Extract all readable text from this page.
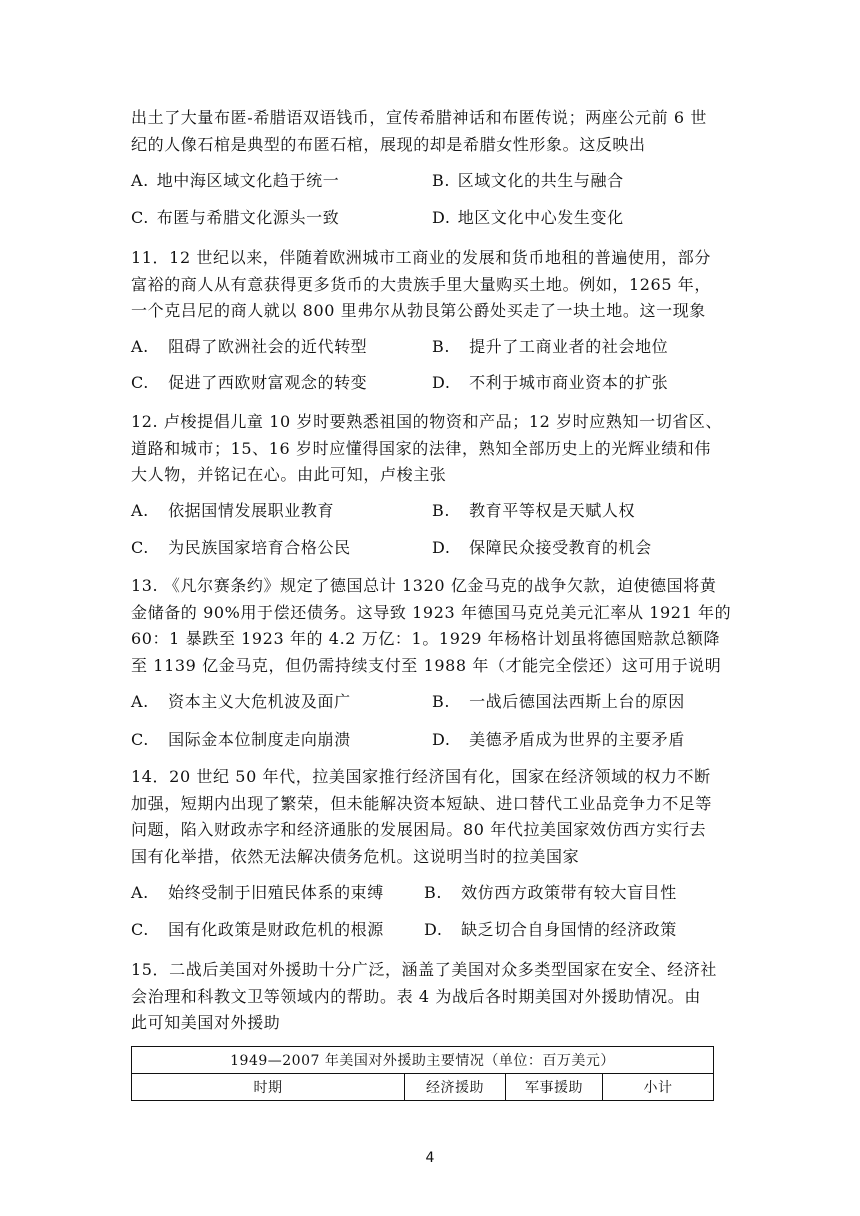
出土了大量布匿-希腊语双语钱币，宣传希腊神话和布匿传说；两座公元前 6 世
纪的人像石棺是典型的布匿石棺，展现的却是希腊女性形象。这反映出
A. 地中海区域文化趋于统一	B. 区域文化的共生与融合
C. 布匿与希腊文化源头一致	D. 地区文化中心发生变化
11．12 世纪以来，伴随着欧洲城市工商业的发展和货币地租的普遍使用，部分
富裕的商人从有意获得更多货币的大贵族手里大量购买土地。例如，1265 年，
一个克吕尼的商人就以 800 里弗尔从勃艮第公爵处买走了一块土地。这一现象
A. 阻碍了欧洲社会的近代转型	B. 提升了工商业者的社会地位
C. 促进了西欧财富观念的转变	D. 不利于城市商业资本的扩张
12. 卢梭提倡儿童 10 岁时要熟悉祖国的物资和产品；12 岁时应熟知一切省区、
道路和城市；15、16 岁时应懂得国家的法律，熟知全部历史上的光辉业绩和伟
大人物，并铭记在心。由此可知，卢梭主张
A. 依据国情发展职业教育	B. 教育平等权是天赋人权
C. 为民族国家培育合格公民	D. 保障民众接受教育的机会
13. 《凡尔赛条约》规定了德国总计 1320 亿金马克的战争欠款，迫使德国将黄
金储备的 90%用于偿还债务。这导致 1923 年德国马克兑美元汇率从 1921 年的
60：1 暴跌至 1923 年的 4.2 万亿：1。1929 年杨格计划虽将德国赔款总额降
至 1139 亿金马克，但仍需持续支付至 1988 年（才能完全偿还）这可用于说明
A. 资本主义大危机波及面广	B. 一战后德国法西斯上台的原因
C. 国际金本位制度走向崩溃	D. 美德矛盾成为世界的主要矛盾
14．20 世纪 50 年代，拉美国家推行经济国有化，国家在经济领域的权力不断
加强，短期内出现了繁荣，但未能解决资本短缺、进口替代工业品竞争力不足等
问题，陷入财政赤字和经济通胀的发展困局。80 年代拉美国家效仿西方实行去
国有化举措，依然无法解决债务危机。这说明当时的拉美国家
A. 始终受制于旧殖民体系的束缚	B. 效仿西方政策带有较大盲目性
C. 国有化政策是财政危机的根源	D. 缺乏切合自身国情的经济政策
15．二战后美国对外援助十分广泛，涵盖了美国对众多类型国家在安全、经济社
会治理和科教文卫等领域内的帮助。表 4 为战后各时期美国对外援助情况。由
此可知美国对外援助
1949—2007 年美国对外援助主要情况（单位：百万美元）
时期	经济援助	军事援助	小计
4
